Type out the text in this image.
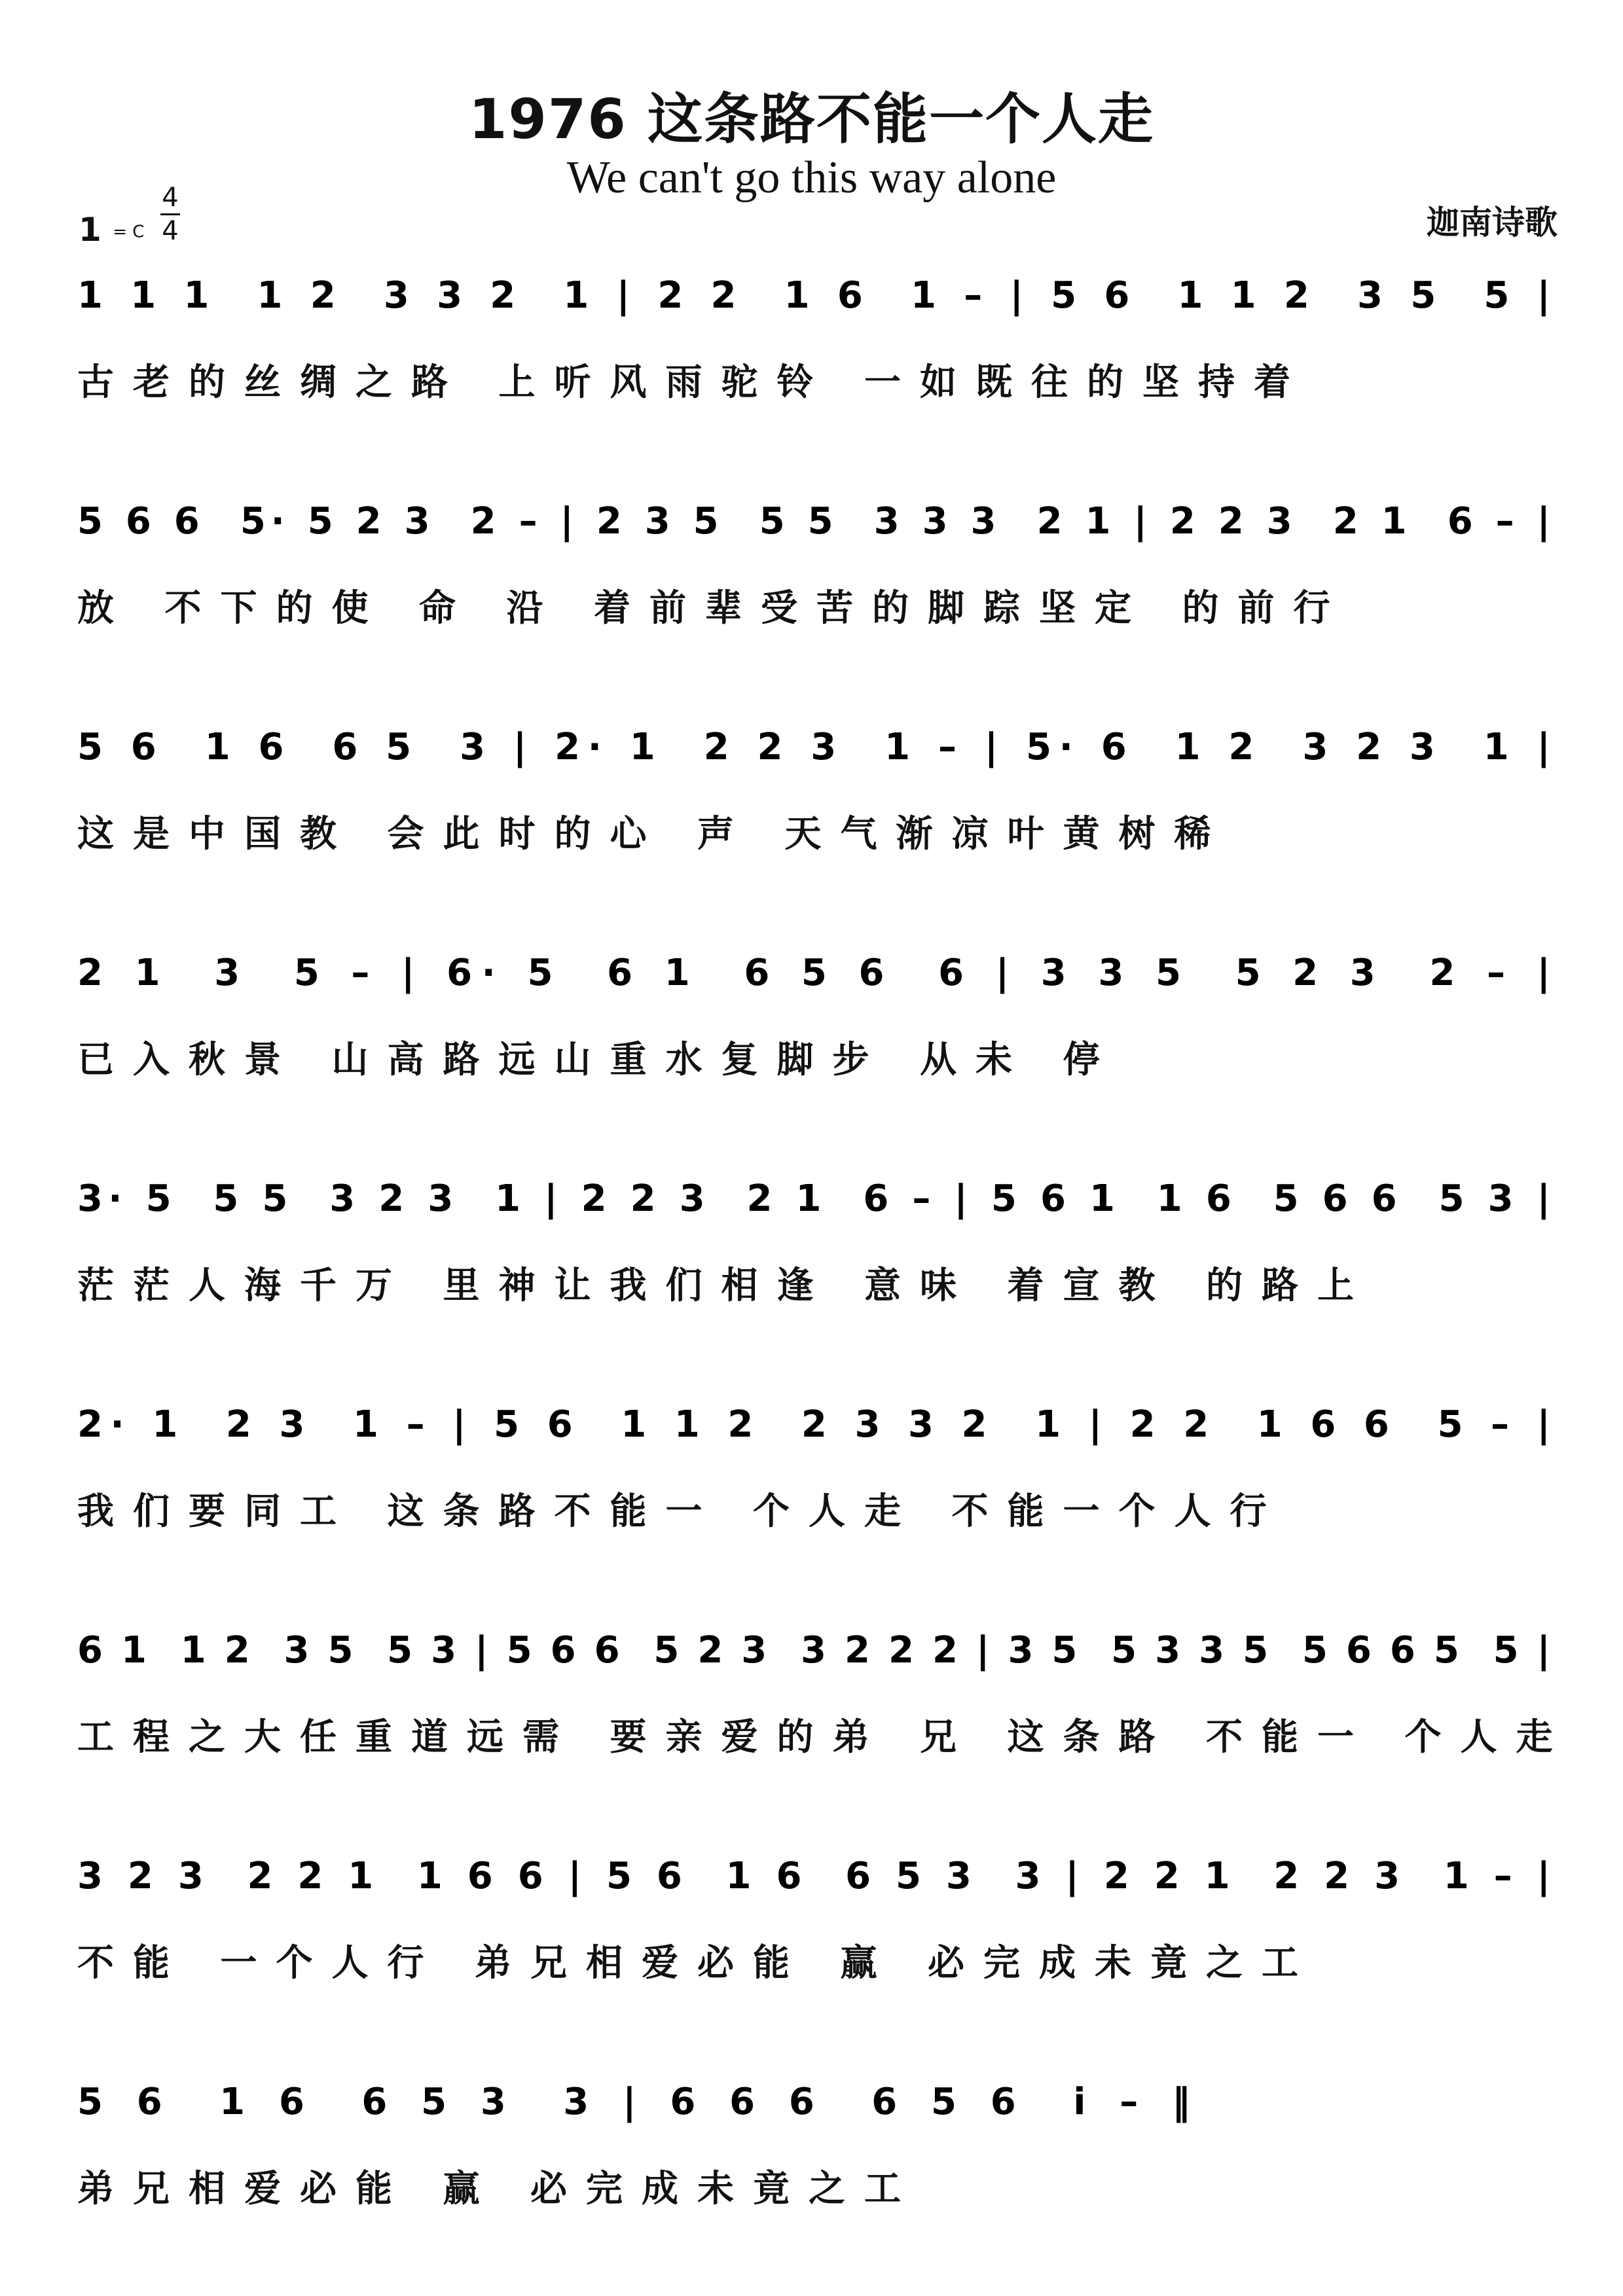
1976 这条路不能一个人走
We can't go this way alone
1 = C
4
4	迦南诗歌
1 1 1  1 2  3 3 2  1 | 2 2  1 6  1 – | 5 6  1 1 2  3 5  5 |
古老的丝绸之路 上听风雨驼铃 一如既往的坚持着
5 6 6  5· 5 2 3  2 – | 2 3 5  5 5  3 3 3  2 1 | 2 2 3  2 1  6 – |
放 不下的使 命 沿 着前辈受苦的脚踪坚定 的前行
5 6  1 6  6 5  3 | 2· 1  2 2 3  1 – | 5· 6  1 2  3 2 3  1 |
这是中国教 会此时的心 声 天气渐凉叶黄树稀
2 1  3  5 – | 6· 5  6 1  6 5 6  6 | 3 3 5  5 2 3  2 – |
已入秋景 山高路远山重水复脚步 从未 停
3· 5  5 5  3 2 3  1 | 2 2 3  2 1  6 – | 5 6 1  1 6  5 6 6  5 3 |
茫茫人海千万 里神让我们相逢 意味 着宣教 的路上
2· 1  2 3  1 – | 5 6  1 1 2  2 3 3 2  1 | 2 2  1 6 6  5 – |
我们要同工 这条路不能一 个人走 不能一个人行
6 1  1 2  3 5  5 3 | 5 6 6  5 2 3  3 2 2 2 | 3 5  5 3 3 5  5 6 6 5  5 |
工程之大任重道远需 要亲爱的弟 兄 这条路 不能一 个人走
3 2 3  2 2 1  1 6 6 | 5 6  1 6  6 5 3  3 | 2 2 1  2 2 3  1 – |
不能 一个人行 弟兄相爱必能 赢 必完成未竟之工
5 6  1 6  6 5 3  3 | 6 6 6  6 5 6  i – ‖
弟兄相爱必能 赢 必完成未竟之工
